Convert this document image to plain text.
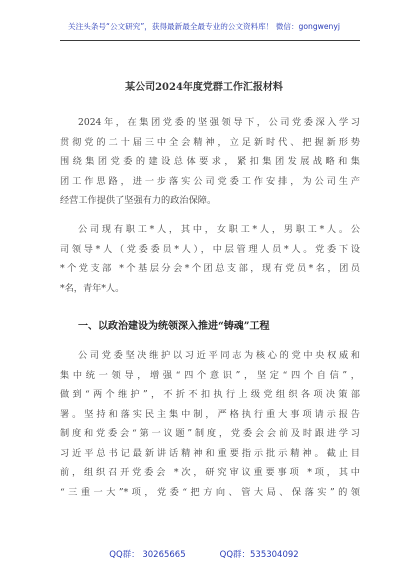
关注头条号“公文研究”，获得最新最全最专业的公文资料库！ 微信：gongwenyj
某公司2024年度党群工作汇报材料
2024年，在集团党委的坚强领导下，公司党委深入学习
贯彻党的二十届三中全会精神，立足新时代、把握新形势
围绕集团党委的建设总体要求，紧扣集团发展战略和集
团工作思路，进一步落实公司党委工作安排，为公司生产
经营工作提供了坚强有力的政治保障。
公司现有职工*人，其中，女职工*人，男职工*人。公
司领导*人（党委委员*人），中层管理人员*人。党委下设
*个党支部 *个基层分会*个团总支部，现有党员*名，团员
*名，青年*人。
一、以政治建设为统领深入推进“铸魂”工程
公司党委坚决维护以习近平同志为核心的党中央权威和
集中统一领导，增强“四个意识”，坚定“四个自信”，
做到“两个维护”，不折不扣执行上级党组织各项决策部
署。坚持和落实民主集中制，严格执行重大事项请示报告
制度和党委会“第一议题”制度，党委会会前及时跟进学习
习近平总书记最新讲话精神和重要指示批示精神。截止目
前，组织召开党委会 *次，研究审议重要事项 *项，其中
“三重一大”*项，党委“把方向、管大局、保落实”的领
QQ群： 30265665	QQ群：535304092
